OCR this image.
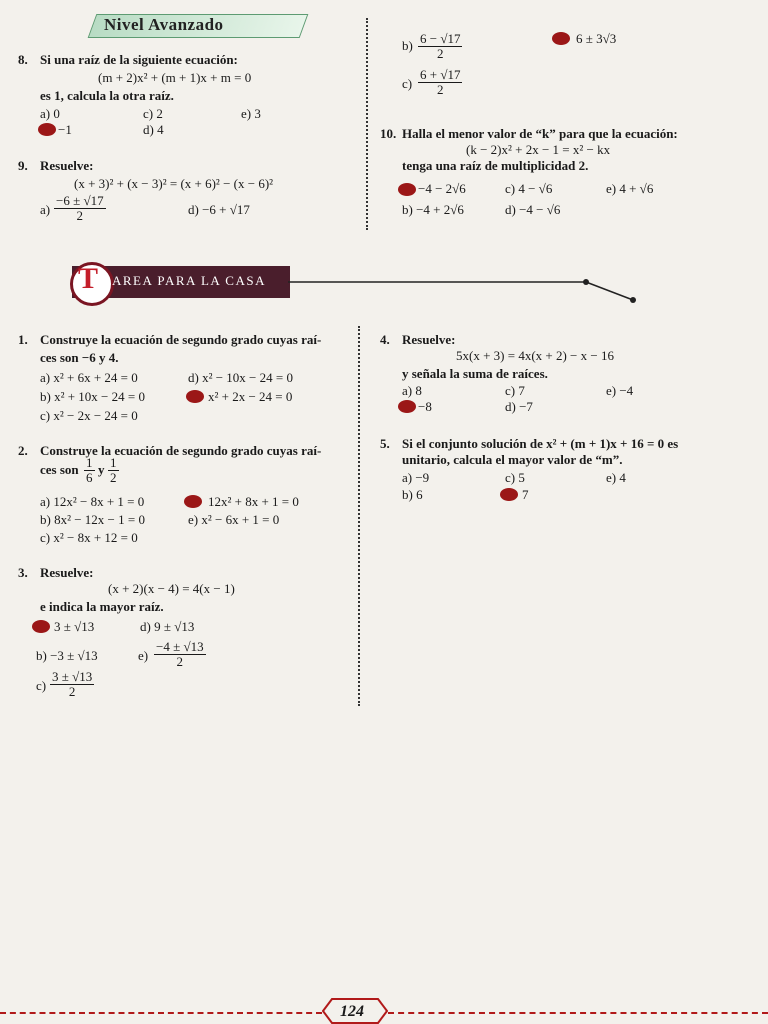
Nivel Avanzado
8. Si una raíz de la siguiente ecuación:
(m + 2)x² + (m + 1)x + m = 0
es 1, calcula la otra raíz.
a) 0	c) 2	e) 3
−1	d) 4
9. Resuelve:
(x + 3)² + (x − 3)² = (x + 6)² − (x − 6)²
$a) \frac{-6 \pm √17}{2}$	d) −6 + √17
$b) \frac{6 - √17}{2}$	6 ± 3√3
$c) \frac{6 + √17}{2}$
10. Halla el menor valor de “k” para que la ecuación:
(k − 2)x² + 2x − 1 = x² − kx
tenga una raíz de multiplicidad 2.
−4 − 2√6	c) 4 − √6	e) 4 + √6
b) −4 + 2√6	d) −4 − √6
T AREA PARA LA CASA
1. Construye la ecuación de segundo grado cuyas raí-
ces son −6 y 4.
a) x² + 6x + 24 = 0	d) x² − 10x − 24 = 0
b) x² + 10x − 24 = 0	x² + 2x − 24 = 0
c) x² − 2x − 24 = 0
2. Construye la ecuación de segundo grado cuyas raí-
ces son $\frac{1}{6}$ y $\frac{1}{2}$
a) 12x² − 8x + 1 = 0	12x² + 8x + 1 = 0
b) 8x² − 12x − 1 = 0	e) x² − 6x + 1 = 0
c) x² − 8x + 12 = 0
3. Resuelve:
(x + 2)(x − 4) = 4(x − 1)
e indica la mayor raíz.
3 ± √13	d) 9 ± √13
b) −3 ± √13	$e) \frac{-4 \pm √13}{2}$
$c) \frac{3 \pm √13}{2}$
4. Resuelve:
5x(x + 3) = 4x(x + 2) − x − 16
y señala la suma de raíces.
a) 8	c) 7	e) −4
−8	d) −7
5. Si el conjunto solución de x² + (m + 1)x + 16 = 0 es
unitario, calcula el mayor valor de “m”.
a) −9	c) 5	e) 4
b) 6	7
124
